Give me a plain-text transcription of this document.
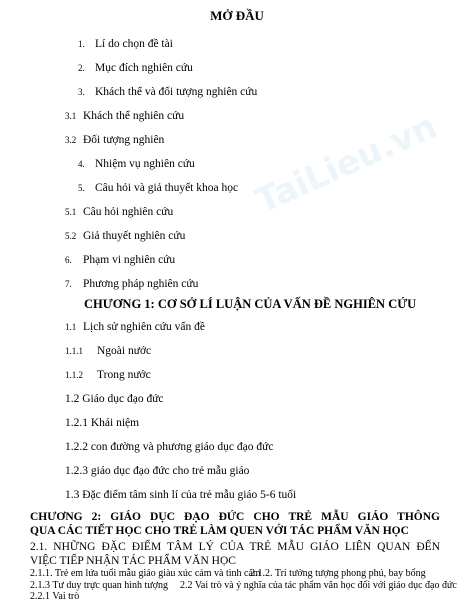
TaiLieu.vn
MỞ ĐẦU
1. Lí do chọn đề tài
2. Mục đích nghiên cứu
3. Khách thể và đối tượng nghiên cứu
3.1 Khách thể nghiên cứu
3.2 Đối tượng nghiên
4. Nhiệm vụ nghiên cứu
5. Câu hỏi và giả thuyết khoa học
5.1 Câu hỏi nghiên cứu
5.2 Giả thuyết nghiên cứu
6. Phạm vi nghiên cứu
7. Phương pháp nghiên cứu
CHƯƠNG 1: CƠ SỞ LÍ LUẬN CỦA VẤN ĐỀ NGHIÊN CỨU
1.1 Lịch sử nghiên cứu vấn đề
1.1.1 Ngoài nước
1.1.2 Trong nước
1.2 Giáo dục đạo đức
1.2.1 Khái niệm
1.2.2 con đường và phương giáo dục đạo đức
1.2.3 giáo dục đạo đức cho trẻ mẫu giáo
1.3 Đặc điểm tâm sinh lí của trẻ mẫu giáo 5-6 tuổi
CHƯƠNG 2: GIÁO DỤC ĐẠO ĐỨC CHO TRẺ MẪU GIÁO THÔNG
QUA CÁC TIẾT HỌC CHO TRẺ LÀM QUEN VỚI TÁC PHẨM VĂN HỌC
2.1. NHỮNG ĐẶC ĐIỂM TÂM LÝ CỦA TRẺ MẪU GIÁO LIÊN QUAN ĐẾN
VIỆC TIẾP NHẬN TÁC PHẨM VĂN HỌC
2.1.1. Trẻ em lứa tuổi mẫu giáo giàu xúc cảm và tình cảm
2.1.2. Trí tưởng tượng phong phú, bay bổng
2.1.3 Tư duy trực quan hình tượng 2.2 Vai trò và ý nghĩa của tác phẩm văn học đối với giáo dục đạo đức
2.2.1 Vai trò
